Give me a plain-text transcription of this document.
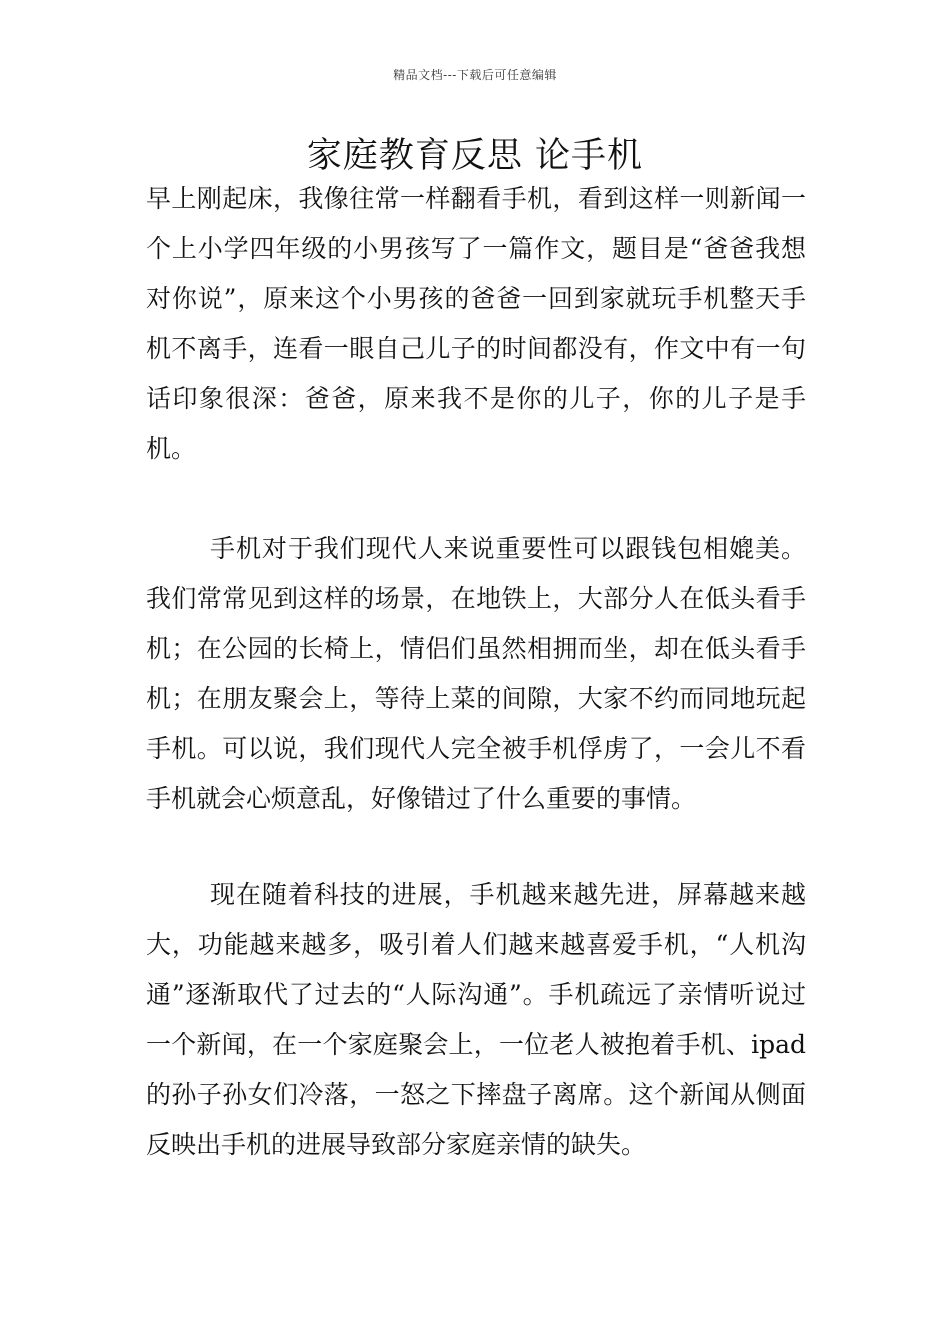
精品文档---下载后可任意编辑
家庭教育反思 论手机

早上刚起床，我像往常一样翻看手机，看到这样一则新闻一个上小学四年级的小男孩写了一篇作文，题目是“爸爸我想对你说”，原来这个小男孩的爸爸一回到家就玩手机整天手机不离手，连看一眼自己儿子的时间都没有，作文中有一句话印象很深：爸爸，原来我不是你的儿子，你的儿子是手机。

手机对于我们现代人来说重要性可以跟钱包相媲美。我们常常见到这样的场景，在地铁上，大部分人在低头看手机；在公园的长椅上，情侣们虽然相拥而坐，却在低头看手机；在朋友聚会上，等待上菜的间隙，大家不约而同地玩起手机。可以说，我们现代人完全被手机俘虏了，一会儿不看手机就会心烦意乱，好像错过了什么重要的事情。

现在随着科技的进展，手机越来越先进，屏幕越来越大，功能越来越多，吸引着人们越来越喜爱手机，“人机沟通”逐渐取代了过去的“人际沟通”。手机疏远了亲情听说过一个新闻，在一个家庭聚会上，一位老人被抱着手机、ipad的孙子孙女们冷落，一怒之下摔盘子离席。这个新闻从侧面反映出手机的进展导致部分家庭亲情的缺失。
